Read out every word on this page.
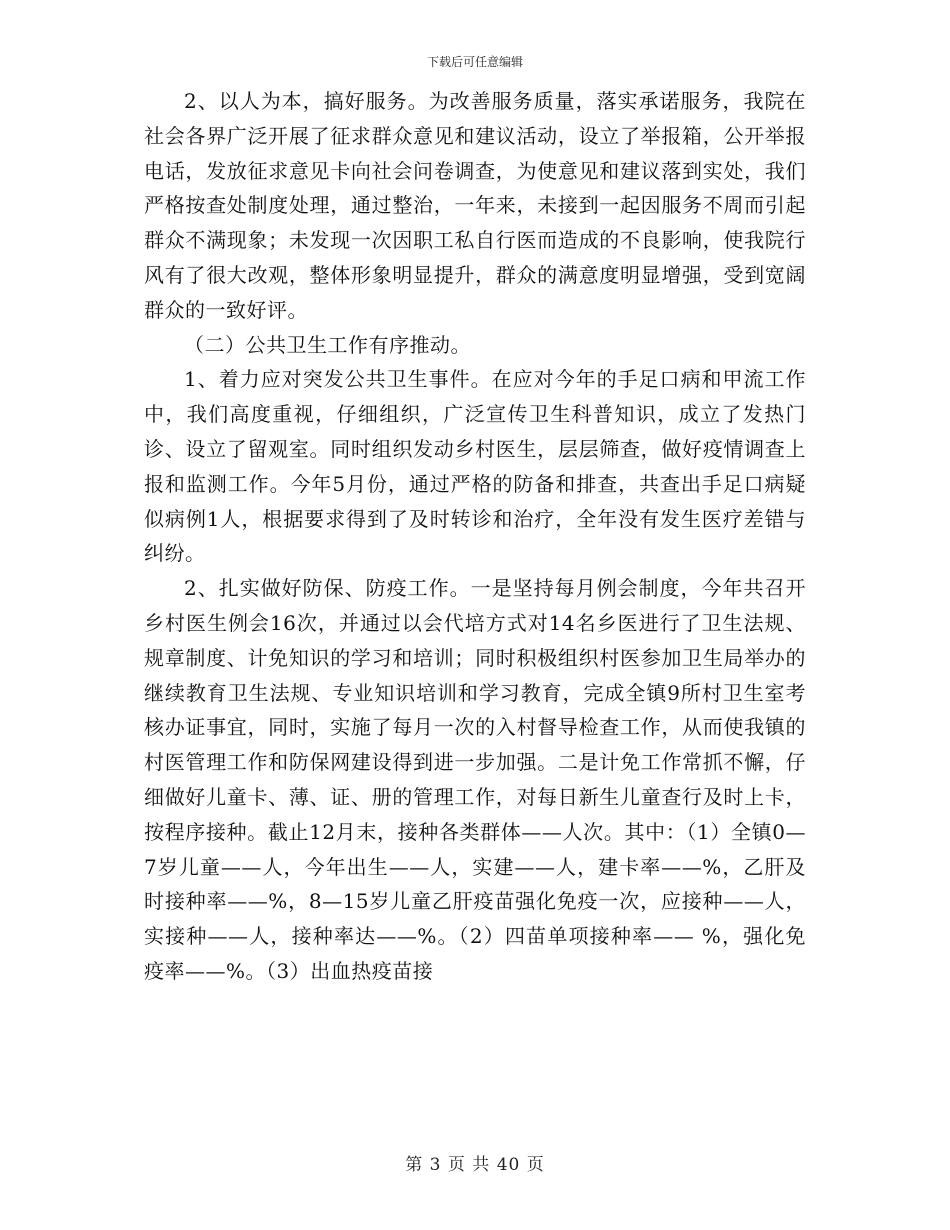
下载后可任意编辑

2、以人为本，搞好服务。为改善服务质量，落实承诺服务，我院在社会各界广泛开展了征求群众意见和建议活动，设立了举报箱，公开举报电话，发放征求意见卡向社会问卷调查，为使意见和建议落到实处，我们严格按查处制度处理，通过整治，一年来，未接到一起因服务不周而引起群众不满现象；未发现一次因职工私自行医而造成的不良影响，使我院行风有了很大改观，整体形象明显提升，群众的满意度明显增强，受到宽阔群众的一致好评。

（二）公共卫生工作有序推动。

1、着力应对突发公共卫生事件。在应对今年的手足口病和甲流工作中，我们高度重视，仔细组织，广泛宣传卫生科普知识，成立了发热门诊、设立了留观室。同时组织发动乡村医生，层层筛查，做好疫情调查上报和监测工作。今年5月份，通过严格的防备和排查，共查出手足口病疑似病例1人，根据要求得到了及时转诊和治疗，全年没有发生医疗差错与纠纷。

2、扎实做好防保、防疫工作。一是坚持每月例会制度，今年共召开乡村医生例会16次，并通过以会代培方式对14名乡医进行了卫生法规、规章制度、计免知识的学习和培训；同时积极组织村医参加卫生局举办的继续教育卫生法规、专业知识培训和学习教育，完成全镇9所村卫生室考核办证事宜，同时，实施了每月一次的入村督导检查工作，从而使我镇的村医管理工作和防保网建设得到进一步加强。二是计免工作常抓不懈，仔细做好儿童卡、薄、证、册的管理工作，对每日新生儿童查行及时上卡，按程序接种。截止12月末，接种各类群体——人次。其中：（1）全镇0—7岁儿童——人，今年出生——人，实建——人，建卡率——%，乙肝及时接种率——%，8—15岁儿童乙肝疫苗强化免疫一次，应接种——人，实接种——人，接种率达——%。（2）四苗单项接种率—— %，强化免疫率——%。（3）出血热疫苗接

第 3 页 共 40 页
